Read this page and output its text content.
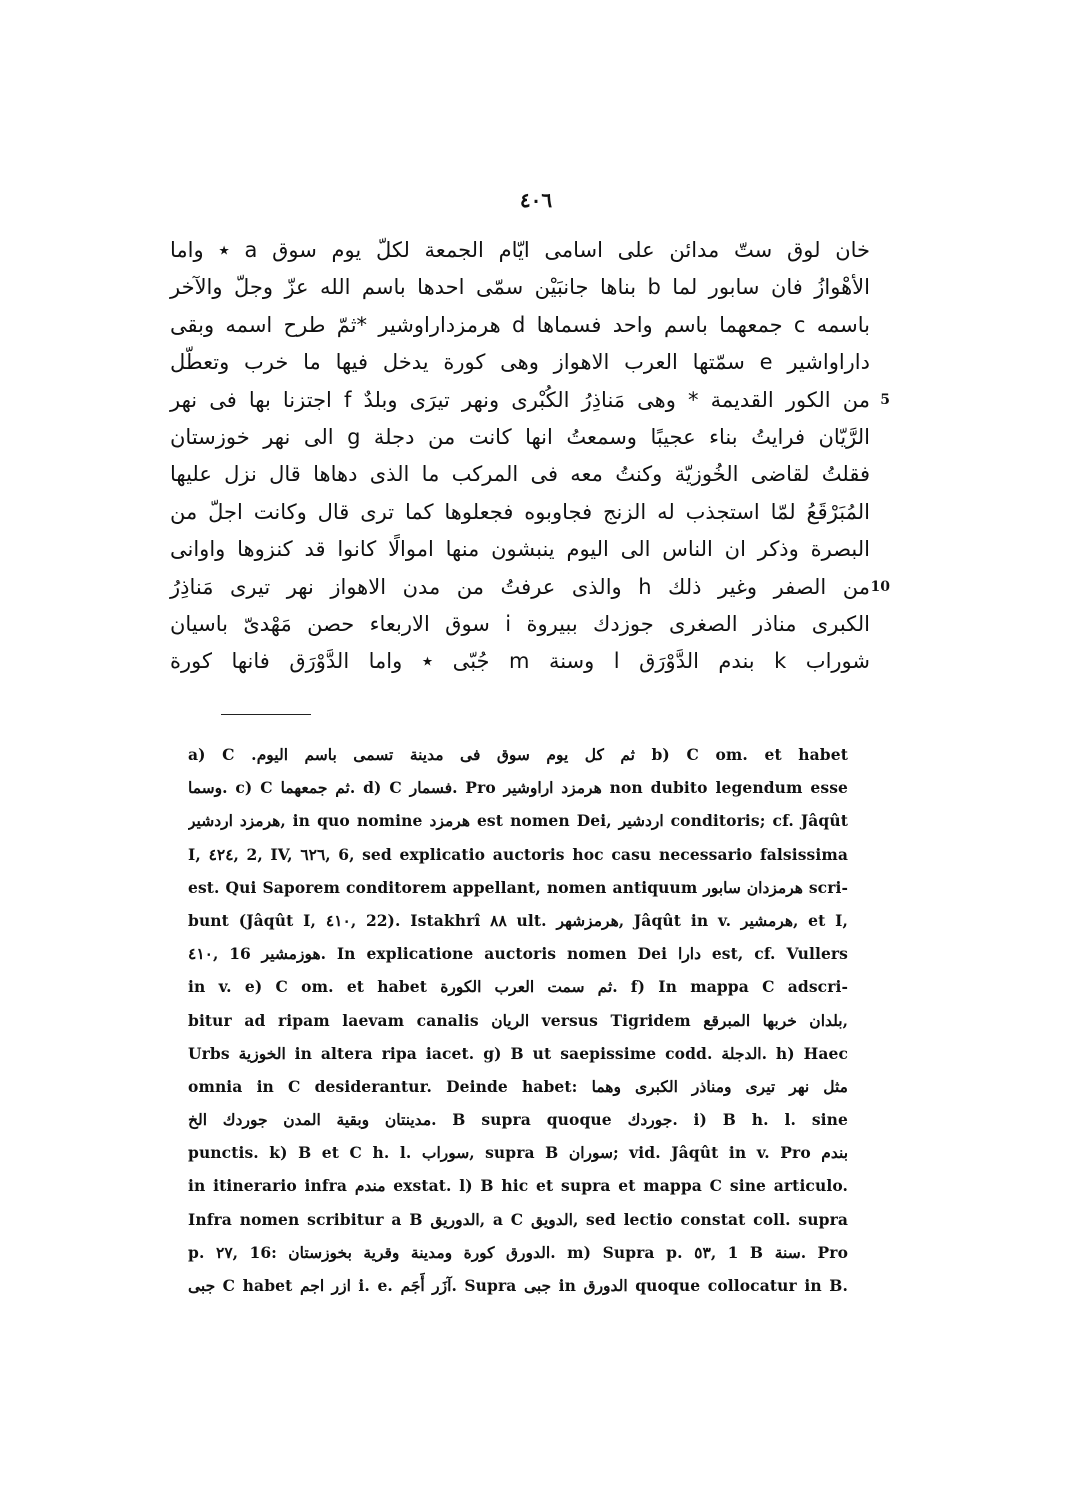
٤٠٦
خان لوق ستّ مدائن على اسامى ايّام الجمعة لكلّ يوم سوق a ٭ واما
الأهْوازُ فان سابور لما b بناها جانبَيْن سمّى احدها باسم الله عزّ وجلّ والآخر
باسمه c جمعهما باسم واحد فسماها d هرمزداراوشير *ثمّ طرح اسمه وبقى
داراواشير e سمّتها العرب الاهواز وهى كورة يدخل فيها ما خرب وتعطّل
5
من الكور القديمة * وهى مَناذِرُ الكُبْرى ونهر تيرَى وبلدٌ f اجتزنا بها فى نهر
الرَّيّان فرايتُ بناء عجيبًا وسمعتُ انها كانت من دجلة g الى نهر خوزستان
فقلتُ لقاضى الخُوزيّة وكنتُ معه فى المركب ما الذى دهاها قال نزل عليها
المُبَرْقَعُ لمّا استجذب له الزنج فجاوبوه فجعلوها كما ترى قال وكانت اجلّ من
البصرة وذكر ان الناس الى اليوم ينبشون منها اموالًا كانوا قد كنزوها واوانى
10
من الصفر وغير ذلك h والذى عرفتُ من مدن الاهواز نهر تيرى مَناذِرُ
الكبرى مناذر الصغرى جوزدك ببيروة i سوق الاربعاء حصن مَهْدىّ باسيان
شوراب k بندم الدَّوْرَق l وسنة m جُبّى ٭ واما الدَّوْرَق فانها كورة
a) C .ثم كل يوم سوق فى مدينة تسمى باسم اليوم b) C om. et habet
وسما. c) C ثم جمعهما. d) C فسمار. Pro هرمزد اراوشير non dubito legendum esse
هرمزد اردشير, in quo nomine هرمزد est nomen Dei, اردشير conditoris; cf. Jâqût
I, ٤٢٤, 2, IV, ٦٢٦, 6, sed explicatio auctoris hoc casu necessario falsissima
est. Qui Saporem conditorem appellant, nomen antiquum هرمزدان سابور scri-
bunt (Jâqût I, ٤١٠, 22). Istakhrî ٨٨ ult. هرمزشهر, Jâqût in v. هرمشير, et I,
٤١٠, 16 هوزمشير. In explicatione auctoris nomen Dei دارا est, cf. Vullers
in v. e) C om. et habet ثم سمت العرب الكورة. f) In mappa C adscri-
bitur ad ripam laevam canalis الريان versus Tigridem بلدان خربها المبرقع,
Urbs الخوزية in altera ripa iacet. g) B ut saepissime codd. الدجلة. h) Haec
omnia in C desiderantur. Deinde habet: مثل نهر تيرى ومناذر الكبرى وهما
مدينتان وبقية المدن جوردك الخ. B supra quoque جوردك. i) B h. l. sine
punctis. k) B et C h. l. سوراب, supra B سوران; vid. Jâqût in v. Pro بندم
in itinerario infra مندم exstat. l) B hic et supra et mappa C sine articulo.
Infra nomen scribitur a B الدوريق, a C الدويق, sed lectio constat coll. supra
p. ٢٧, 16: الدورق كورة ومدينة وقرية بخوزستان. m) Supra p. ٥٣, 1 B سنة. Pro
جبى C habet ازر اجم i. e. آزَر أَجَم. Supra جبى in الدورق quoque collocatur in B.
